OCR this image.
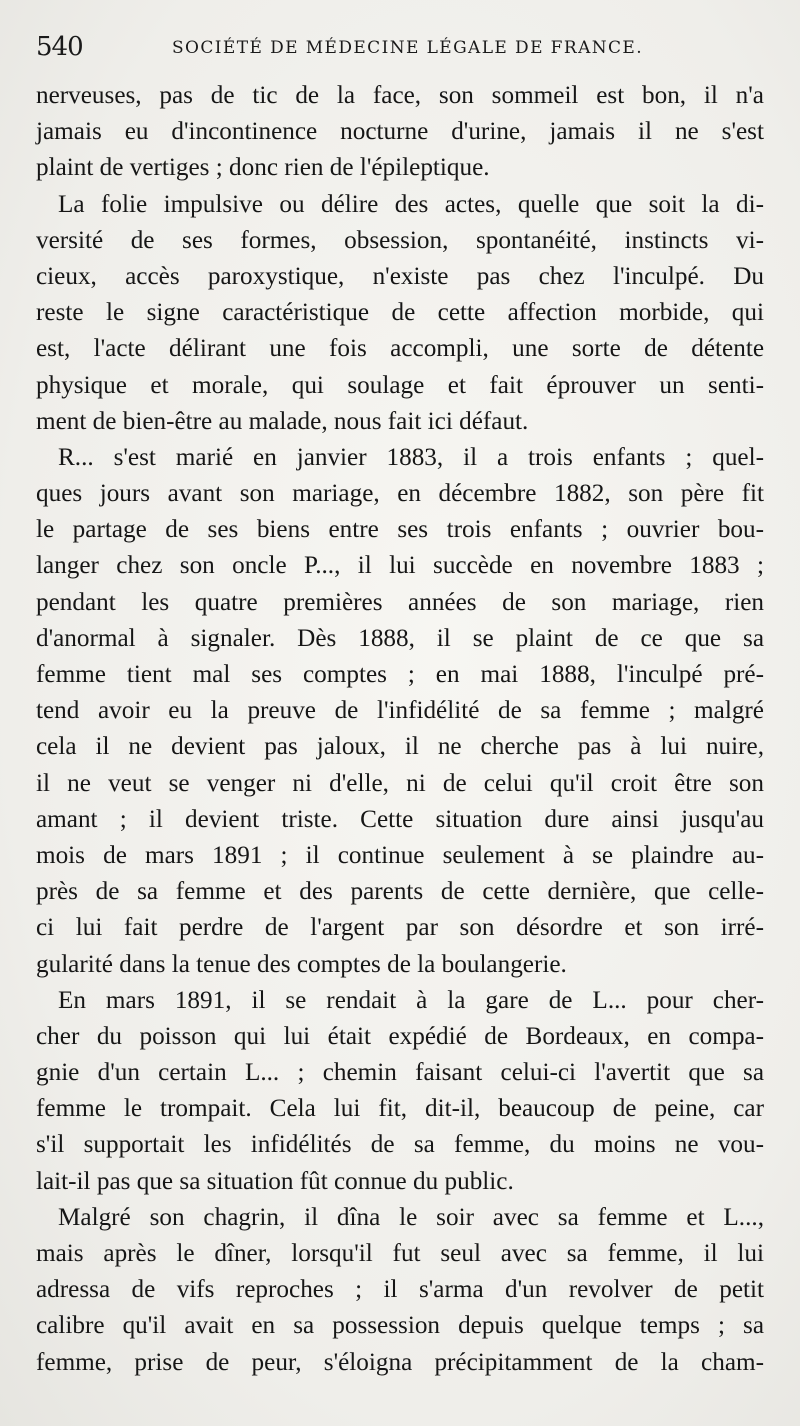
540	SOCIÉTÉ DE MÉDECINE LÉGALE DE FRANCE.
nerveuses, pas de tic de la face, son sommeil est bon, il n'a
jamais eu d'incontinence nocturne d'urine, jamais il ne s'est
plaint de vertiges ; donc rien de l'épileptique.
La folie impulsive ou délire des actes, quelle que soit la di-
versité de ses formes, obsession, spontanéité, instincts vi-
cieux, accès paroxystique, n'existe pas chez l'inculpé. Du
reste le signe caractéristique de cette affection morbide, qui
est, l'acte délirant une fois accompli, une sorte de détente
physique et morale, qui soulage et fait éprouver un senti-
ment de bien-être au malade, nous fait ici défaut.
R... s'est marié en janvier 1883, il a trois enfants ; quel-
ques jours avant son mariage, en décembre 1882, son père fit
le partage de ses biens entre ses trois enfants ; ouvrier bou-
langer chez son oncle P..., il lui succède en novembre 1883 ;
pendant les quatre premières années de son mariage, rien
d'anormal à signaler. Dès 1888, il se plaint de ce que sa
femme tient mal ses comptes ; en mai 1888, l'inculpé pré-
tend avoir eu la preuve de l'infidélité de sa femme ; malgré
cela il ne devient pas jaloux, il ne cherche pas à lui nuire,
il ne veut se venger ni d'elle, ni de celui qu'il croit être son
amant ; il devient triste. Cette situation dure ainsi jusqu'au
mois de mars 1891 ; il continue seulement à se plaindre au-
près de sa femme et des parents de cette dernière, que celle-
ci lui fait perdre de l'argent par son désordre et son irré-
gularité dans la tenue des comptes de la boulangerie.
En mars 1891, il se rendait à la gare de L... pour cher-
cher du poisson qui lui était expédié de Bordeaux, en compa-
gnie d'un certain L... ; chemin faisant celui-ci l'avertit que sa
femme le trompait. Cela lui fit, dit-il, beaucoup de peine, car
s'il supportait les infidélités de sa femme, du moins ne vou-
lait-il pas que sa situation fût connue du public.
Malgré son chagrin, il dîna le soir avec sa femme et L...,
mais après le dîner, lorsqu'il fut seul avec sa femme, il lui
adressa de vifs reproches ; il s'arma d'un revolver de petit
calibre qu'il avait en sa possession depuis quelque temps ; sa
femme, prise de peur, s'éloigna précipitamment de la cham-
